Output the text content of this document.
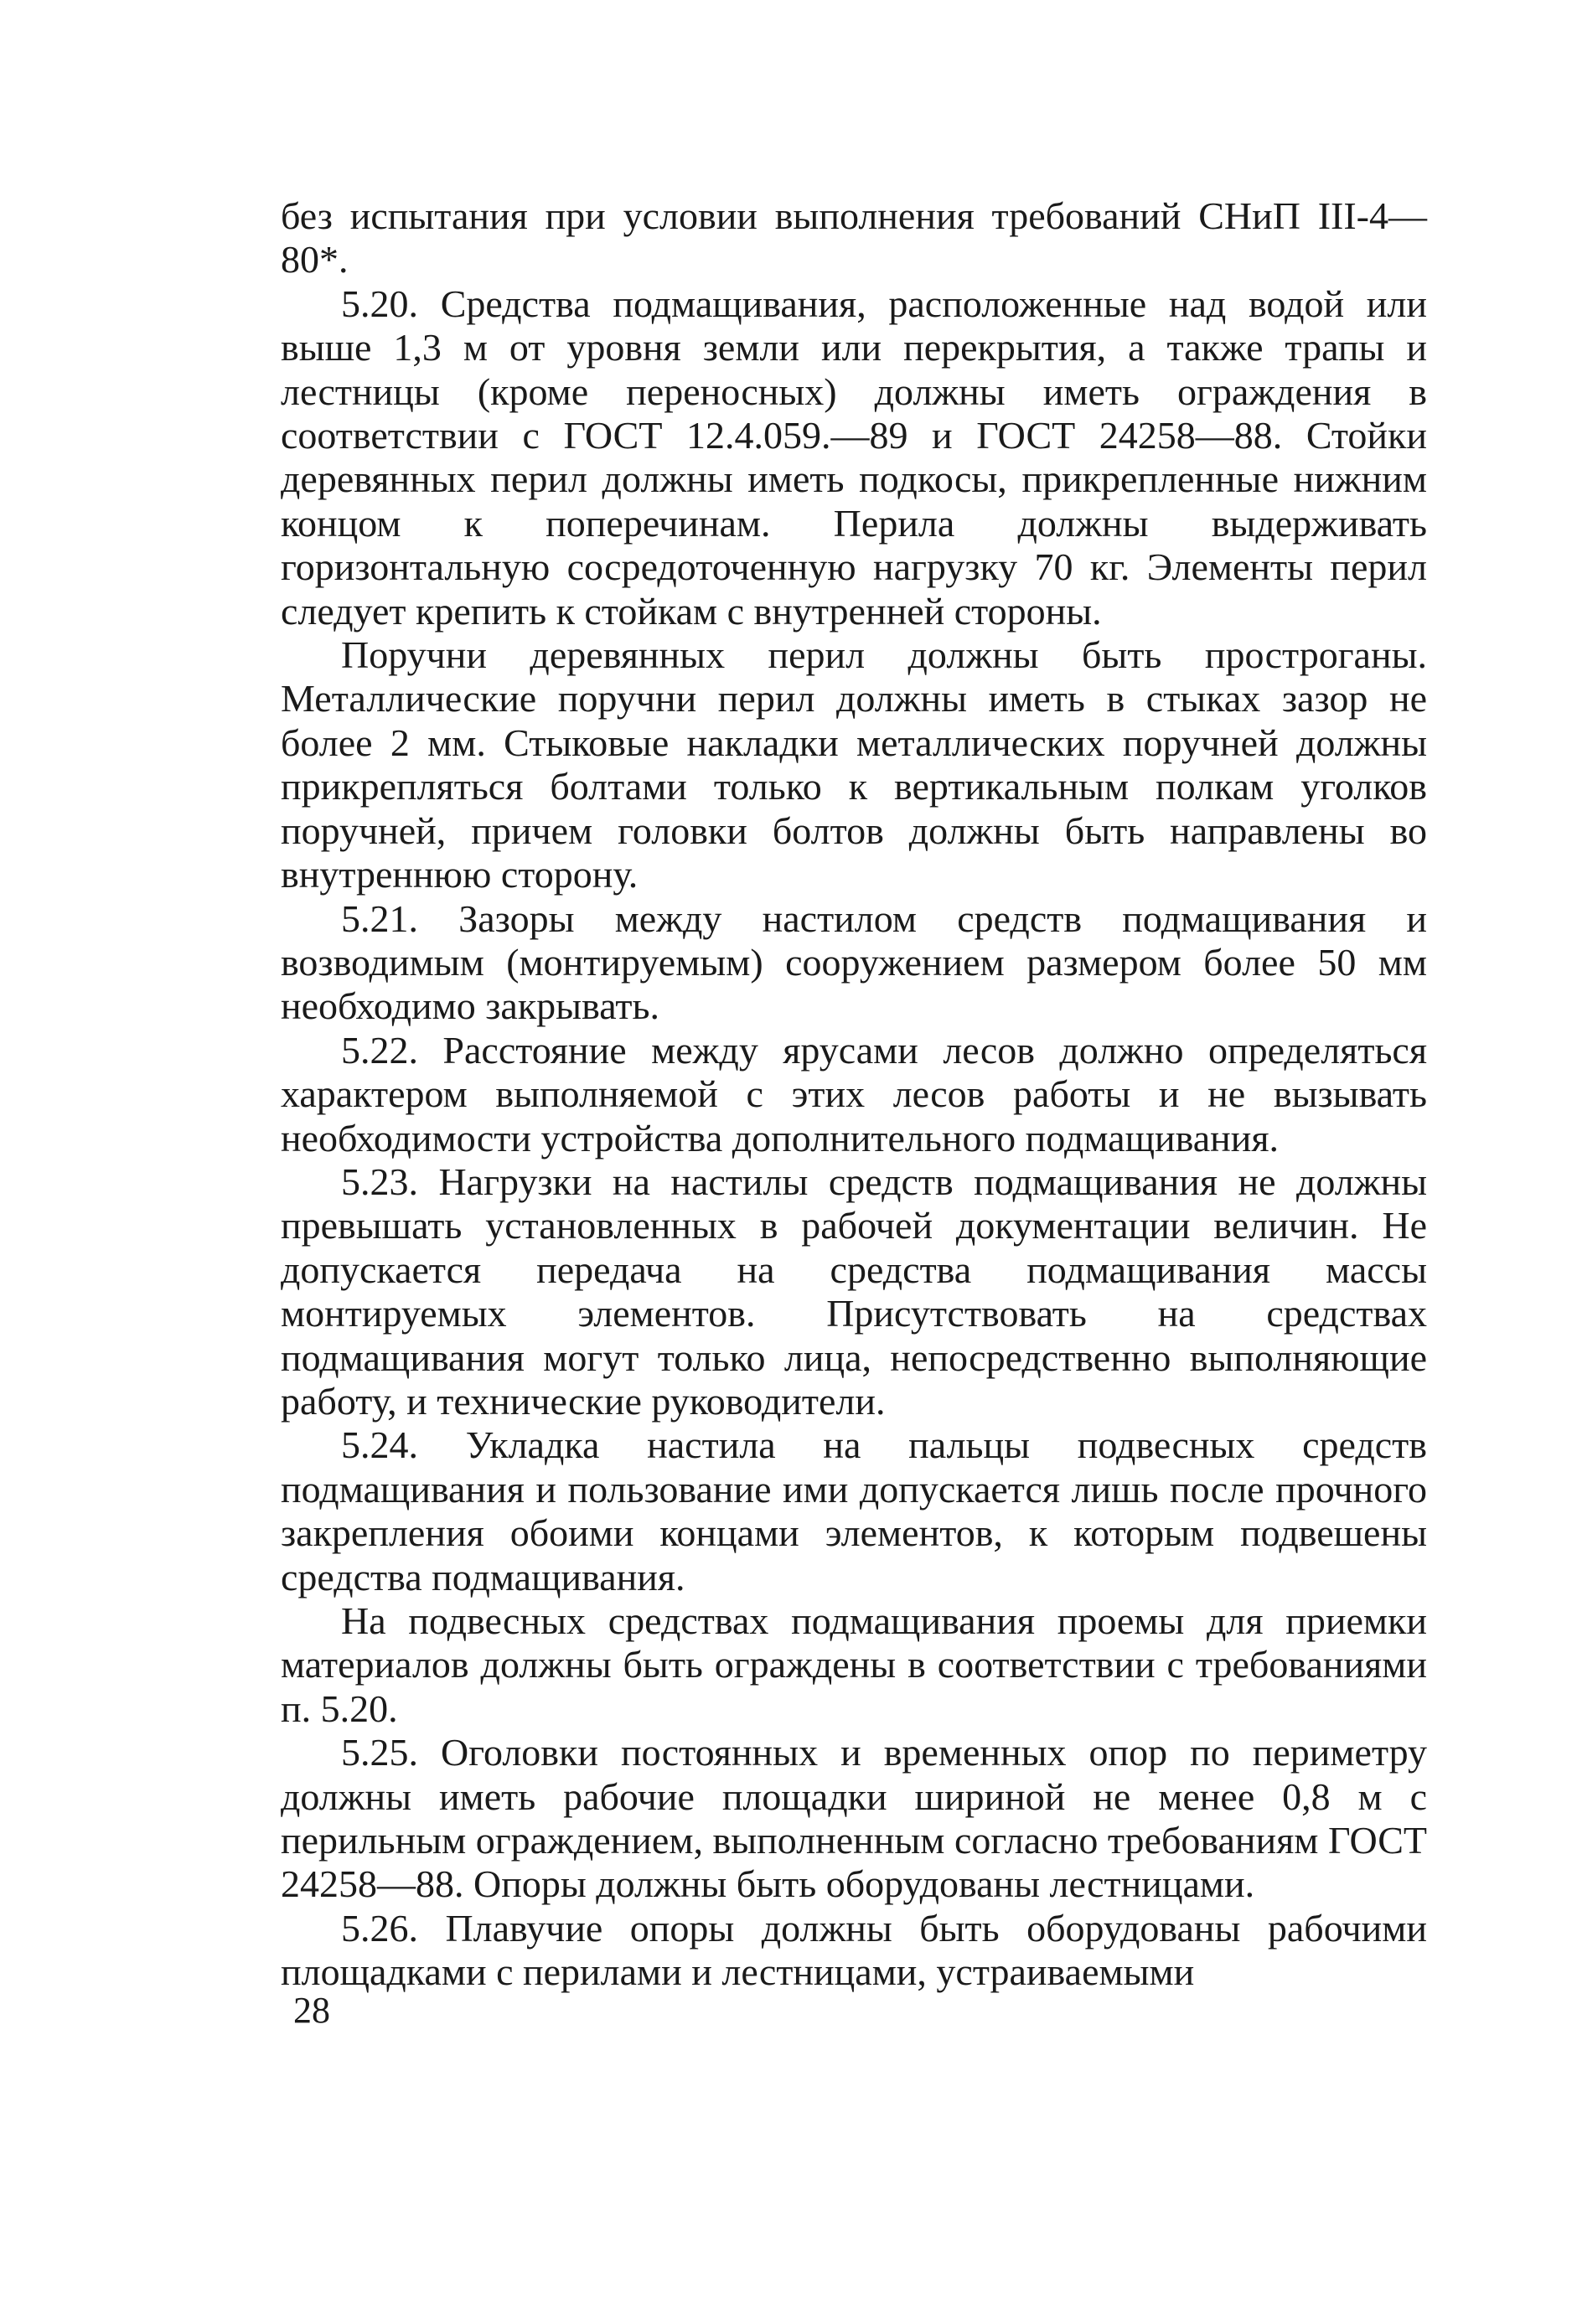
без испытания при условии выполнения требований СНиП III-4—80*.

5.20. Средства подмащивания, расположенные над водой или выше 1,3 м от уровня земли или перекрытия, а также трапы и лестницы (кроме переносных) должны иметь ограждения в соответствии с ГОСТ 12.4.059.—89 и ГОСТ 24258—88. Стойки деревянных перил должны иметь подкосы, прикрепленные нижним концом к поперечинам. Перила должны выдерживать горизонтальную сосредоточенную нагрузку 70 кг. Элементы перил следует крепить к стойкам с внутренней стороны.

Поручни деревянных перил должны быть прострoганы. Металлические поручни перил должны иметь в стыках зазор не более 2 мм. Стыковые накладки металлических поручней должны прикрепляться болтами только к вертикальным полкам уголков поручней, причем головки болтов должны быть направлены во внутреннюю сторону.

5.21. Зазоры между настилом средств подмащивания и возводимым (монтируемым) сооружением размером более 50 мм необходимо закрывать.

5.22. Расстояние между ярусами лесов должно определяться характером выполняемой с этих лесов работы и не вызывать необходимости устройства дополнительного подмащивания.

5.23. Нагрузки на настилы средств подмащивания не должны превышать установленных в рабочей документации величин. Не допускается передача на средства подмащивания массы монтируемых элементов. Присутствовать на средствах подмащивания могут только лица, непосредственно выполняющие работу, и технические руководители.

5.24. Укладка настила на пальцы подвесных средств подмащивания и пользование ими допускается лишь после прочного закрепления обоими концами элементов, к которым подвешены средства подмащивания.

На подвесных средствах подмащивания проемы для приемки материалов должны быть ограждены в соответствии с требованиями п. 5.20.

5.25. Оголовки постоянных и временных опор по периметру должны иметь рабочие площадки шириной не менее 0,8 м с перильным ограждением, выполненным согласно требованиям ГОСТ 24258—88. Опоры должны быть оборудованы лестницами.

5.26. Плавучие опоры должны быть оборудованы рабочими площадками с перилами и лестницами, устраиваемыми

28
